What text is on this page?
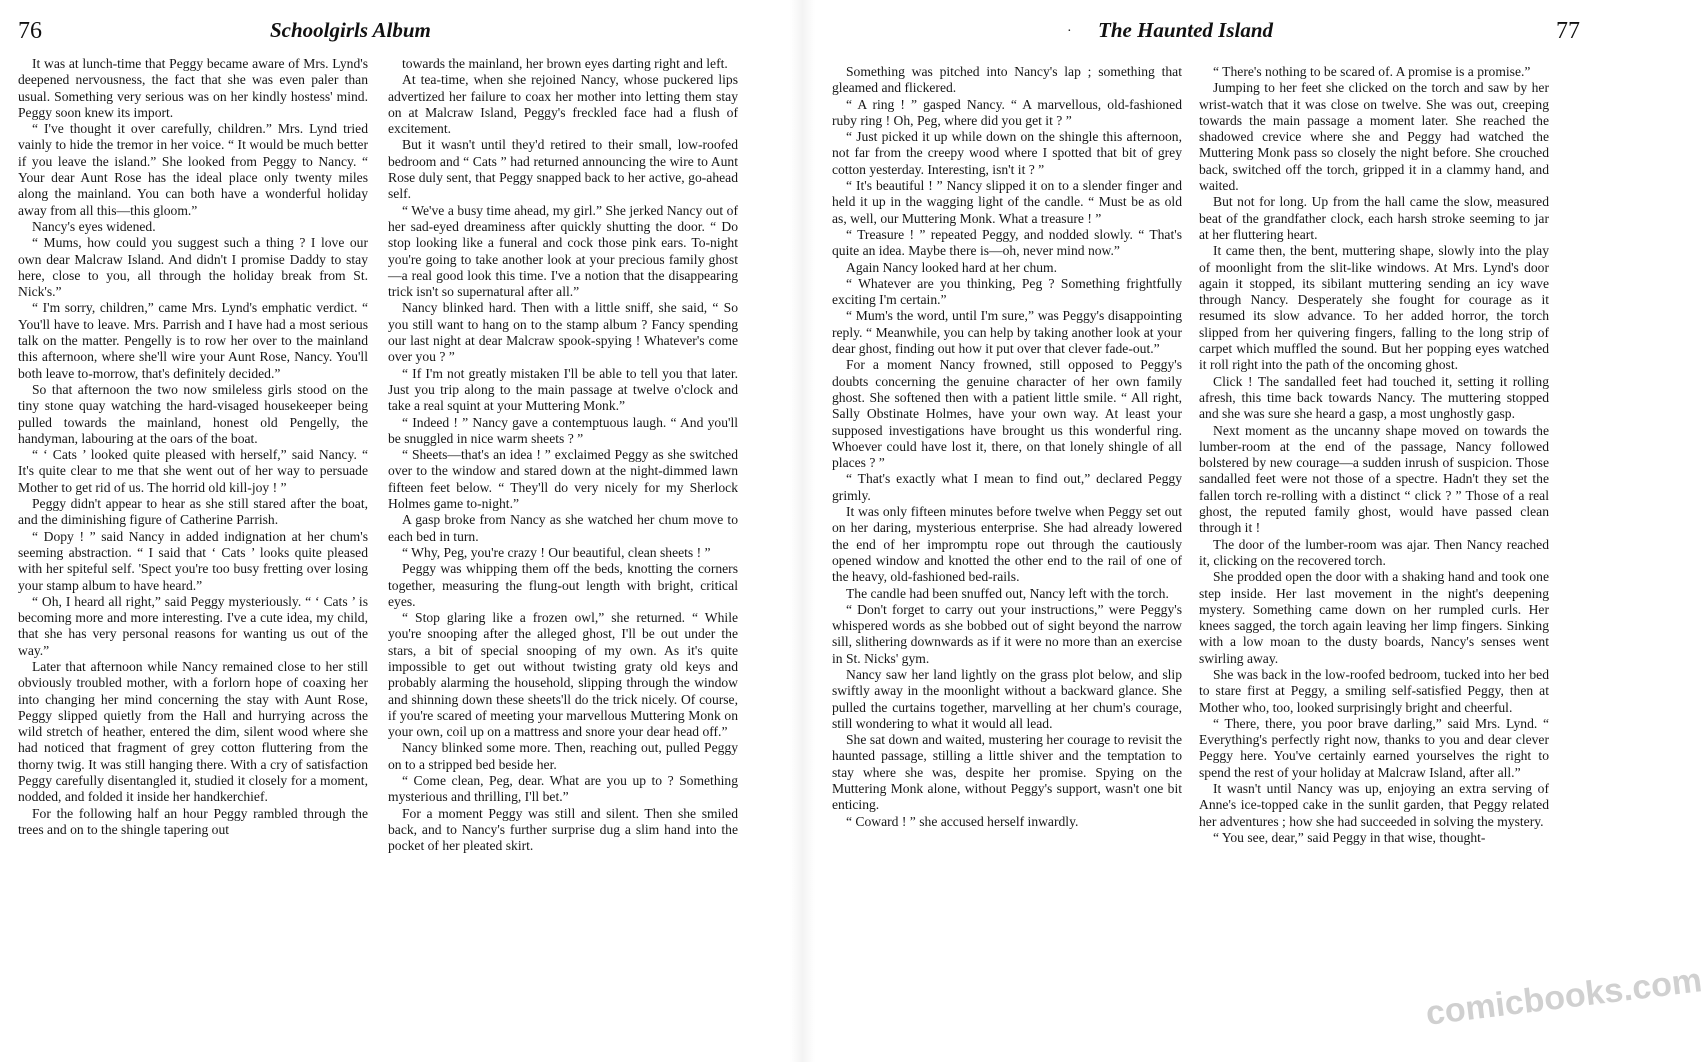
76	Schoolgirls Album

It was at lunch-time that Peggy became aware of Mrs. Lynd's deepened nervousness, the fact that she was even paler than usual. Something very serious was on her kindly hostess' mind. Peggy soon knew its import.

“ I've thought it over carefully, children.” Mrs. Lynd tried vainly to hide the tremor in her voice. “ It would be much better if you leave the island.” She looked from Peggy to Nancy. “ Your dear Aunt Rose has the ideal place only twenty miles along the mainland. You can both have a wonderful holiday away from all this—this gloom.”

Nancy's eyes widened.

“ Mums, how could you suggest such a thing ? I love our own dear Malcraw Island. And didn't I promise Daddy to stay here, close to you, all through the holiday break from St. Nick's.”

“ I'm sorry, children,” came Mrs. Lynd's emphatic verdict. “ You'll have to leave. Mrs. Parrish and I have had a most serious talk on the matter. Pengelly is to row her over to the mainland this afternoon, where she'll wire your Aunt Rose, Nancy. You'll both leave to-morrow, that's definitely decided.”

So that afternoon the two now smileless girls stood on the tiny stone quay watching the hard-visaged housekeeper being pulled towards the mainland, honest old Pengelly, the handyman, labouring at the oars of the boat.

“ ‘ Cats ’ looked quite pleased with herself,” said Nancy. “ It's quite clear to me that she went out of her way to persuade Mother to get rid of us. The horrid old kill-joy ! ”

Peggy didn't appear to hear as she still stared after the boat, and the diminishing figure of Catherine Parrish.

“ Dopy ! ” said Nancy in added indignation at her chum's seeming abstraction. “ I said that ‘ Cats ’ looks quite pleased with her spiteful self. 'Spect you're too busy fretting over losing your stamp album to have heard.”

“ Oh, I heard all right,” said Peggy mysteriously. “ ‘ Cats ’ is becoming more and more interesting. I've a cute idea, my child, that she has very personal reasons for wanting us out of the way.”

Later that afternoon while Nancy remained close to her still obviously troubled mother, with a forlorn hope of coaxing her into changing her mind concerning the stay with Aunt Rose, Peggy slipped quietly from the Hall and hurrying across the wild stretch of heather, entered the dim, silent wood where she had noticed that fragment of grey cotton fluttering from the thorny twig. It was still hanging there. With a cry of satisfaction Peggy carefully disentangled it, studied it closely for a moment, nodded, and folded it inside her handkerchief.

For the following half an hour Peggy rambled through the trees and on to the shingle tapering out

towards the mainland, her brown eyes darting right and left.

At tea-time, when she rejoined Nancy, whose puckered lips advertized her failure to coax her mother into letting them stay on at Malcraw Island, Peggy's freckled face had a flush of excitement.

But it wasn't until they'd retired to their small, low-roofed bedroom and “ Cats ” had returned announcing the wire to Aunt Rose duly sent, that Peggy snapped back to her active, go-ahead self.

“ We've a busy time ahead, my girl.” She jerked Nancy out of her sad-eyed dreaminess after quickly shutting the door. “ Do stop looking like a funeral and cock those pink ears. To-night you're going to take another look at your precious family ghost—a real good look this time. I've a notion that the disappearing trick isn't so supernatural after all.”

Nancy blinked hard. Then with a little sniff, she said, “ So you still want to hang on to the stamp album ? Fancy spending our last night at dear Malcraw spook-spying ! Whatever's come over you ? ”

“ If I'm not greatly mistaken I'll be able to tell you that later. Just you trip along to the main passage at twelve o'clock and take a real squint at your Muttering Monk.”

“ Indeed ! ” Nancy gave a contemptuous laugh. “ And you'll be snuggled in nice warm sheets ? ”

“ Sheets—that's an idea ! ” exclaimed Peggy as she switched over to the window and stared down at the night-dimmed lawn fifteen feet below. “ They'll do very nicely for my Sherlock Holmes game to-night.”

A gasp broke from Nancy as she watched her chum move to each bed in turn.

“ Why, Peg, you're crazy ! Our beautiful, clean sheets ! ”

Peggy was whipping them off the beds, knotting the corners together, measuring the flung-out length with bright, critical eyes.

“ Stop glaring like a frozen owl,” she returned. “ While you're snooping after the alleged ghost, I'll be out under the stars, a bit of special snooping of my own. As it's quite impossible to get out without twisting graty old keys and probably alarming the household, slipping through the window and shinning down these sheets'll do the trick nicely. Of course, if you're scared of meeting your marvellous Muttering Monk on your own, coil up on a mattress and snore your dear head off.”

Nancy blinked some more. Then, reaching out, pulled Peggy on to a stripped bed beside her.

“ Come clean, Peg, dear. What are you up to ? Something mysterious and thrilling, I'll bet.”

For a moment Peggy was still and silent. Then she smiled back, and to Nancy's further surprise dug a slim hand into the pocket of her pleated skirt.

· The Haunted Island	77

Something was pitched into Nancy's lap ; something that gleamed and flickered.

“ A ring ! ” gasped Nancy. “ A marvellous, old-fashioned ruby ring ! Oh, Peg, where did you get it ? ”

“ Just picked it up while down on the shingle this afternoon, not far from the creepy wood where I spotted that bit of grey cotton yesterday. Interesting, isn't it ? ”

“ It's beautiful ! ” Nancy slipped it on to a slender finger and held it up in the wagging light of the candle. “ Must be as old as, well, our Muttering Monk. What a treasure ! ”

“ Treasure ! ” repeated Peggy, and nodded slowly. “ That's quite an idea. Maybe there is—oh, never mind now.”

Again Nancy looked hard at her chum.

“ Whatever are you thinking, Peg ? Something frightfully exciting I'm certain.”

“ Mum's the word, until I'm sure,” was Peggy's disappointing reply. “ Meanwhile, you can help by taking another look at your dear ghost, finding out how it put over that clever fade-out.”

For a moment Nancy frowned, still opposed to Peggy's doubts concerning the genuine character of her own family ghost. She softened then with a patient little smile. “ All right, Sally Obstinate Holmes, have your own way. At least your supposed investigations have brought us this wonderful ring. Whoever could have lost it, there, on that lonely shingle of all places ? ”

“ That's exactly what I mean to find out,” declared Peggy grimly.

It was only fifteen minutes before twelve when Peggy set out on her daring, mysterious enterprise. She had already lowered the end of her impromptu rope out through the cautiously opened window and knotted the other end to the rail of one of the heavy, old-fashioned bed-rails.

The candle had been snuffed out, Nancy left with the torch.

“ Don't forget to carry out your instructions,” were Peggy's whispered words as she bobbed out of sight beyond the narrow sill, slithering downwards as if it were no more than an exercise in St. Nicks' gym.

Nancy saw her land lightly on the grass plot below, and slip swiftly away in the moonlight without a backward glance. She pulled the curtains together, marvelling at her chum's courage, still wondering to what it would all lead.

She sat down and waited, mustering her courage to revisit the haunted passage, stilling a little shiver and the temptation to stay where she was, despite her promise. Spying on the Muttering Monk alone, without Peggy's support, wasn't one bit enticing.

“ Coward ! ” she accused herself inwardly.

“ There's nothing to be scared of. A promise is a promise.”

Jumping to her feet she clicked on the torch and saw by her wrist-watch that it was close on twelve. She was out, creeping towards the main passage a moment later. She reached the shadowed crevice where she and Peggy had watched the Muttering Monk pass so closely the night before. She crouched back, switched off the torch, gripped it in a clammy hand, and waited.

But not for long. Up from the hall came the slow, measured beat of the grandfather clock, each harsh stroke seeming to jar at her fluttering heart.

It came then, the bent, muttering shape, slowly into the play of moonlight from the slit-like windows. At Mrs. Lynd's door again it stopped, its sibilant muttering sending an icy wave through Nancy. Desperately she fought for courage as it resumed its slow advance. To her added horror, the torch slipped from her quivering fingers, falling to the long strip of carpet which muffled the sound. But her popping eyes watched it roll right into the path of the oncoming ghost.

Click ! The sandalled feet had touched it, setting it rolling afresh, this time back towards Nancy. The muttering stopped and she was sure she heard a gasp, a most unghostly gasp.

Next moment as the uncanny shape moved on towards the lumber-room at the end of the passage, Nancy followed bolstered by new courage—a sudden inrush of suspicion. Those sandalled feet were not those of a spectre. Hadn't they set the fallen torch re-rolling with a distinct “ click ? ” Those of a real ghost, the reputed family ghost, would have passed clean through it !

The door of the lumber-room was ajar. Then Nancy reached it, clicking on the recovered torch.

She prodded open the door with a shaking hand and took one step inside. Her last movement in the night's deepening mystery. Something came down on her rumpled curls. Her knees sagged, the torch again leaving her limp fingers. Sinking with a low moan to the dusty boards, Nancy's senses went swirling away.

She was back in the low-roofed bedroom, tucked into her bed to stare first at Peggy, a smiling self-satisfied Peggy, then at Mother who, too, looked surprisingly bright and cheerful.

“ There, there, you poor brave darling,” said Mrs. Lynd. “ Everything's perfectly right now, thanks to you and dear clever Peggy here. You've certainly earned yourselves the right to spend the rest of your holiday at Malcraw Island, after all.”

It wasn't until Nancy was up, enjoying an extra serving of Anne's ice-topped cake in the sunlit garden, that Peggy related her adventures ; how she had succeeded in solving the mystery.

“ You see, dear,” said Peggy in that wise, thought-

comicbooks.com
